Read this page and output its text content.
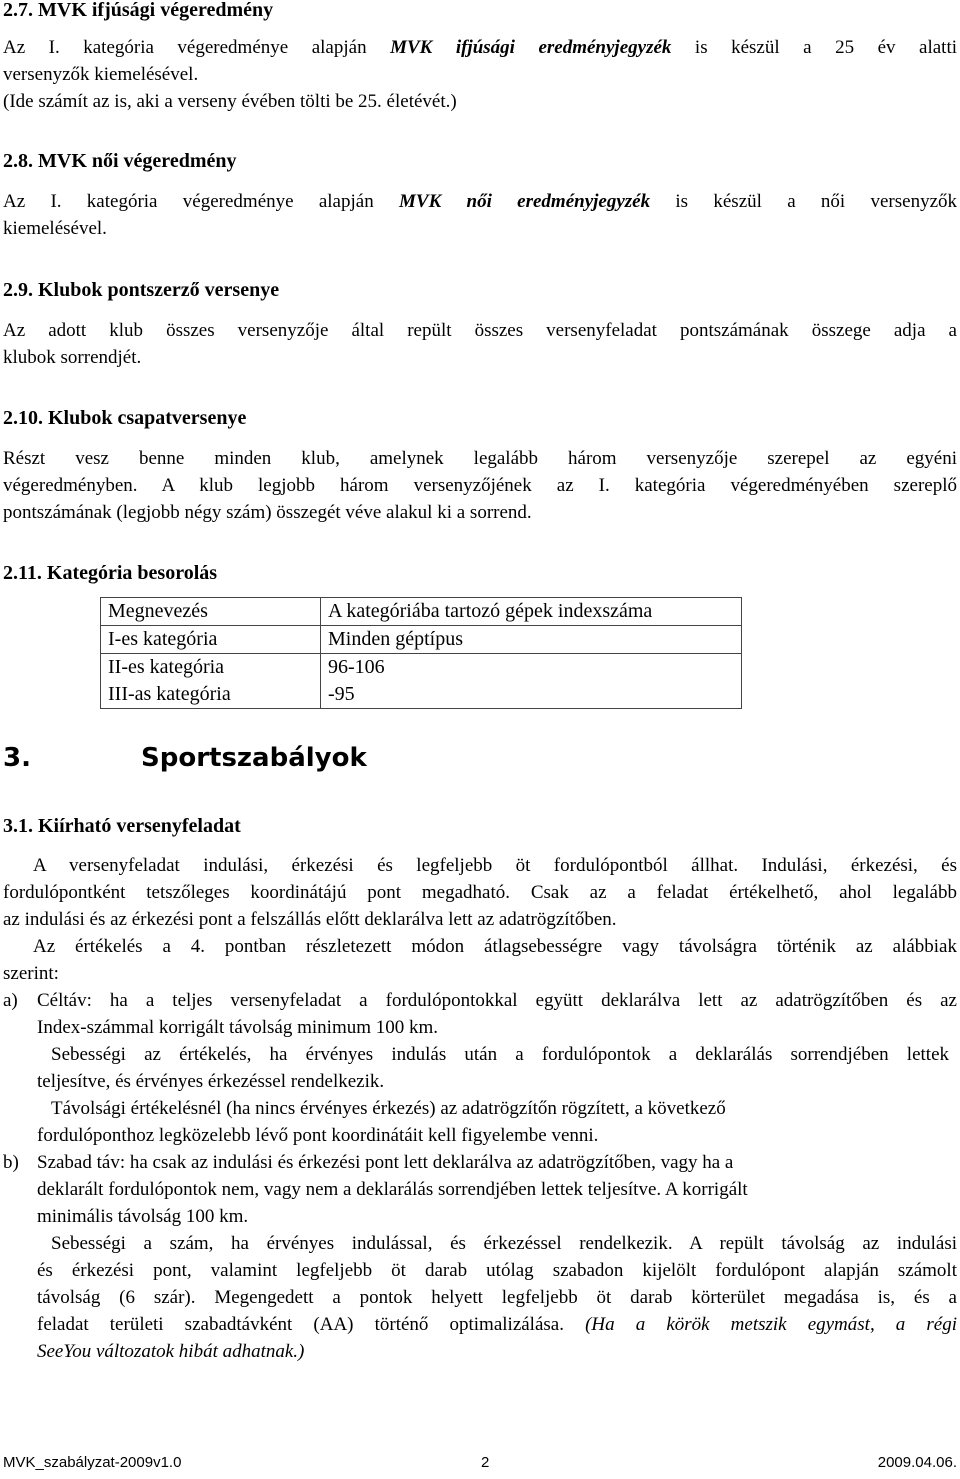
2.7. MVK ifjúsági végeredmény
Az I. kategória végeredménye alapján MVK ifjúsági eredményjegyzék is készül a 25 év alatti
versenyzők kiemelésével.
(Ide számít az is, aki a verseny évében tölti be 25. életévét.)
2.8. MVK női végeredmény
Az I. kategória végeredménye alapján MVK női eredményjegyzék is készül a női versenyzők
kiemelésével.
2.9. Klubok pontszerző versenye
Az adott klub összes versenyzője által repült összes versenyfeladat pontszámának összege adja a
klubok sorrendjét.
2.10. Klubok csapatversenye
Részt vesz benne minden klub, amelynek legalább három versenyzője szerepel az egyéni
végeredményben. A klub legjobb három versenyzőjének az I. kategória végeredményében szereplő
pontszámának (legjobb négy szám) összegét véve alakul ki a sorrend.
2.11. Kategória besorolás
Megnevezés	A kategóriába tartozó gépek indexszáma
I-es kategória	Minden géptípus
II-es kategória	96-106
III-as kategória	-95
3.	Sportszabályok
3.1. Kiírható versenyfeladat
A versenyfeladat indulási, érkezési és legfeljebb öt fordulópontból állhat. Indulási, érkezési, és
fordulópontként tetszőleges koordinátájú pont megadható. Csak az a feladat értékelhető, ahol legalább
az indulási és az érkezési pont a felszállás előtt deklarálva lett az adatrögzítőben.
Az értékelés a 4. pontban részletezett módon átlagsebességre vagy távolságra történik az alábbiak
szerint:
a) Céltáv: ha a teljes versenyfeladat a fordulópontokkal együtt deklarálva lett az adatrögzítőben és az
Index-számmal korrigált távolság minimum 100 km.
Sebességi az értékelés, ha érvényes indulás után a fordulópontok a deklarálás sorrendjében lettek
teljesítve, és érvényes érkezéssel rendelkezik.
Távolsági értékelésnél (ha nincs érvényes érkezés) az adatrögzítőn rögzített, a következő
fordulóponthoz legközelebb lévő pont koordinátáit kell figyelembe venni.
b) Szabad táv: ha csak az indulási és érkezési pont lett deklarálva az adatrögzítőben, vagy ha a
deklarált fordulópontok nem, vagy nem a deklarálás sorrendjében lettek teljesítve. A korrigált
minimális távolság 100 km.
Sebességi a szám, ha érvényes indulással, és érkezéssel rendelkezik. A repült távolság az indulási
és érkezési pont, valamint legfeljebb öt darab utólag szabadon kijelölt fordulópont alapján számolt
távolság (6 szár). Megengedett a pontok helyett legfeljebb öt darab körterület megadása is, és a
feladat területi szabadtávként (AA) történő optimalizálása. (Ha a körök metszik egymást, a régi
SeeYou változatok hibát adhatnak.)
MVK_szabályzat-2009v1.0	2	2009.04.06.
